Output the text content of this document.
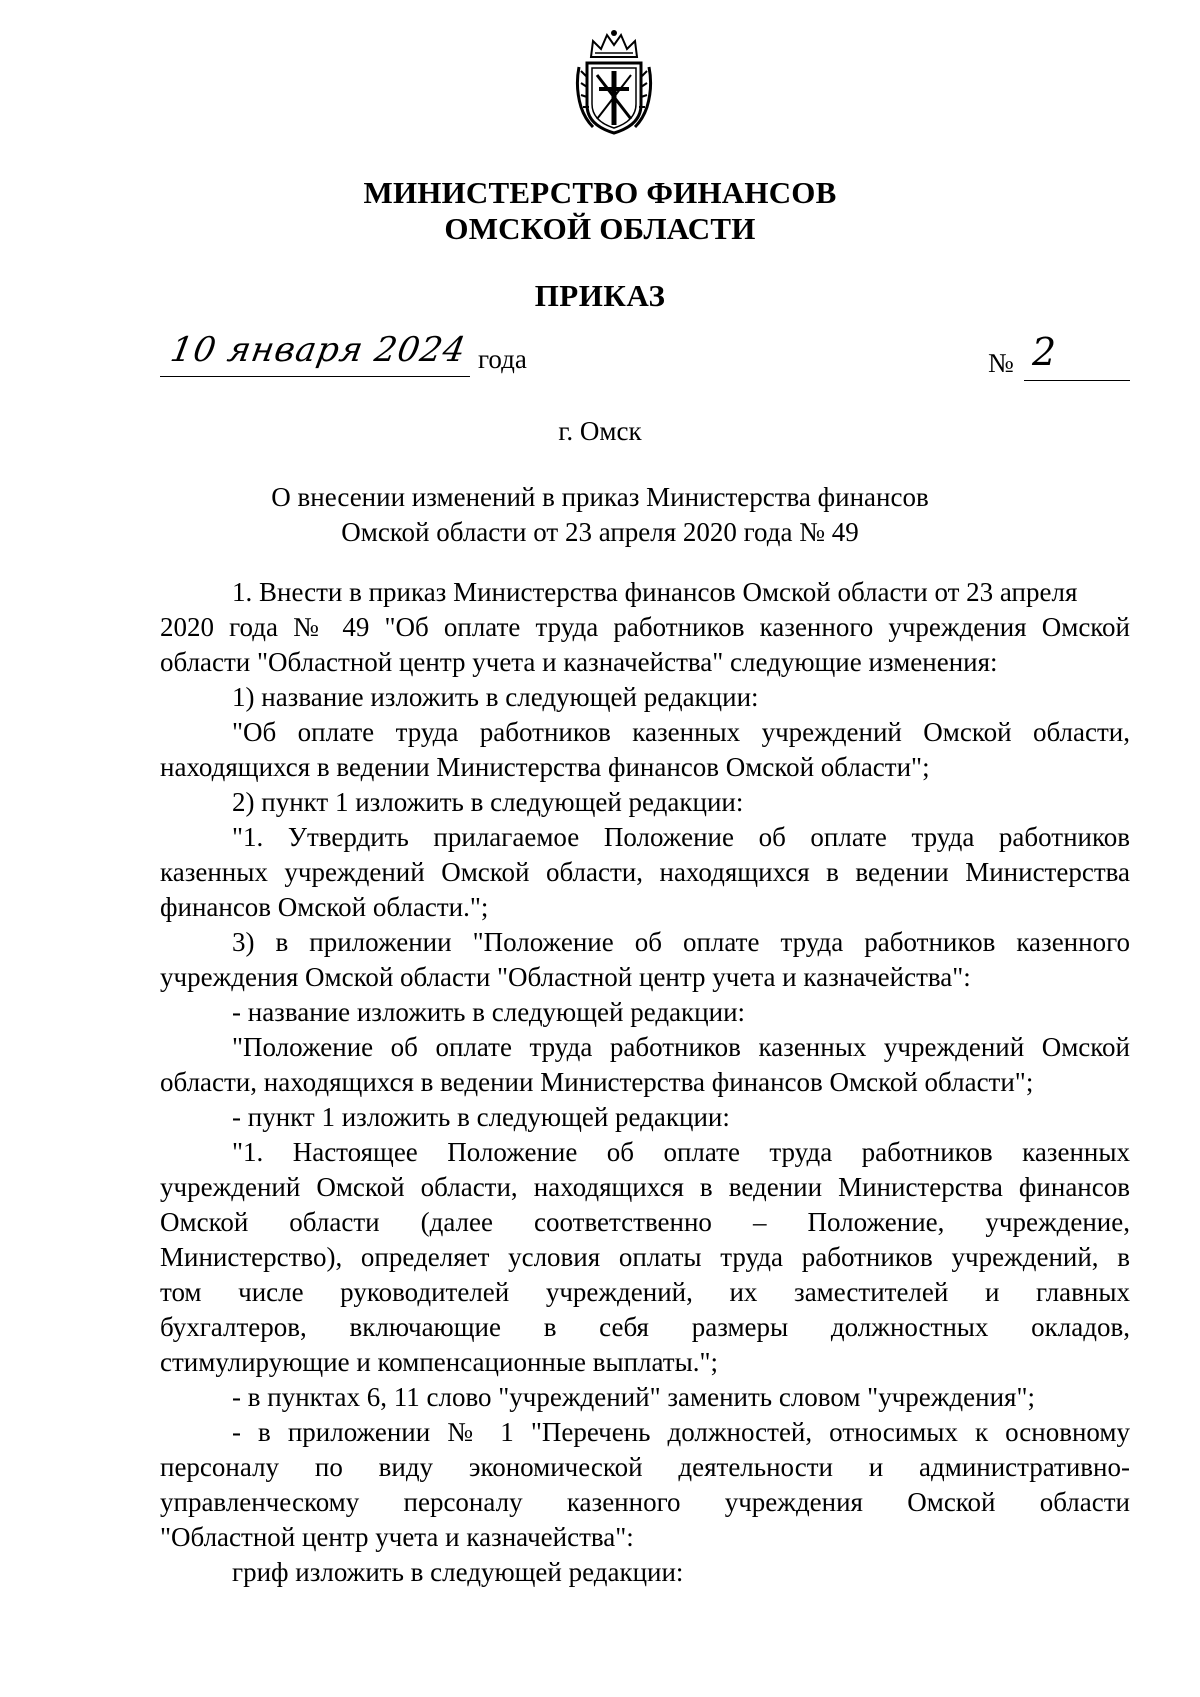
МИНИСТЕРСТВО ФИНАНСОВ
ОМСКОЙ ОБЛАСТИ
ПРИКАЗ
10 января 2024 года	№ 2
г. Омск
О внесении изменений в приказ Министерства финансов
Омской области от 23 апреля 2020 года № 49
1. Внести в приказ Министерства финансов Омской области от 23 апреля
2020 года № 49 "Об оплате труда работников казенного учреждения Омской
области "Областной центр учета и казначейства" следующие изменения:
1) название изложить в следующей редакции:
"Об оплате труда работников казенных учреждений Омской области,
находящихся в ведении Министерства финансов Омской области";
2) пункт 1 изложить в следующей редакции:
"1. Утвердить прилагаемое Положение об оплате труда работников
казенных учреждений Омской области, находящихся в ведении Министерства
финансов Омской области.";
3) в приложении "Положение об оплате труда работников казенного
учреждения Омской области "Областной центр учета и казначейства":
- название изложить в следующей редакции:
"Положение об оплате труда работников казенных учреждений Омской
области, находящихся в ведении Министерства финансов Омской области";
- пункт 1 изложить в следующей редакции:
"1. Настоящее Положение об оплате труда работников казенных
учреждений Омской области, находящихся в ведении Министерства финансов
Омской области (далее соответственно – Положение, учреждение,
Министерство), определяет условия оплаты труда работников учреждений, в
том числе руководителей учреждений, их заместителей и главных
бухгалтеров, включающие в себя размеры должностных окладов,
стимулирующие и компенсационные выплаты.";
- в пунктах 6, 11 слово "учреждений" заменить словом "учреждения";
- в приложении № 1 "Перечень должностей, относимых к основному
персоналу по виду экономической деятельности и административно-
управленческому персоналу казенного учреждения Омской области
"Областной центр учета и казначейства":
гриф изложить в следующей редакции:
